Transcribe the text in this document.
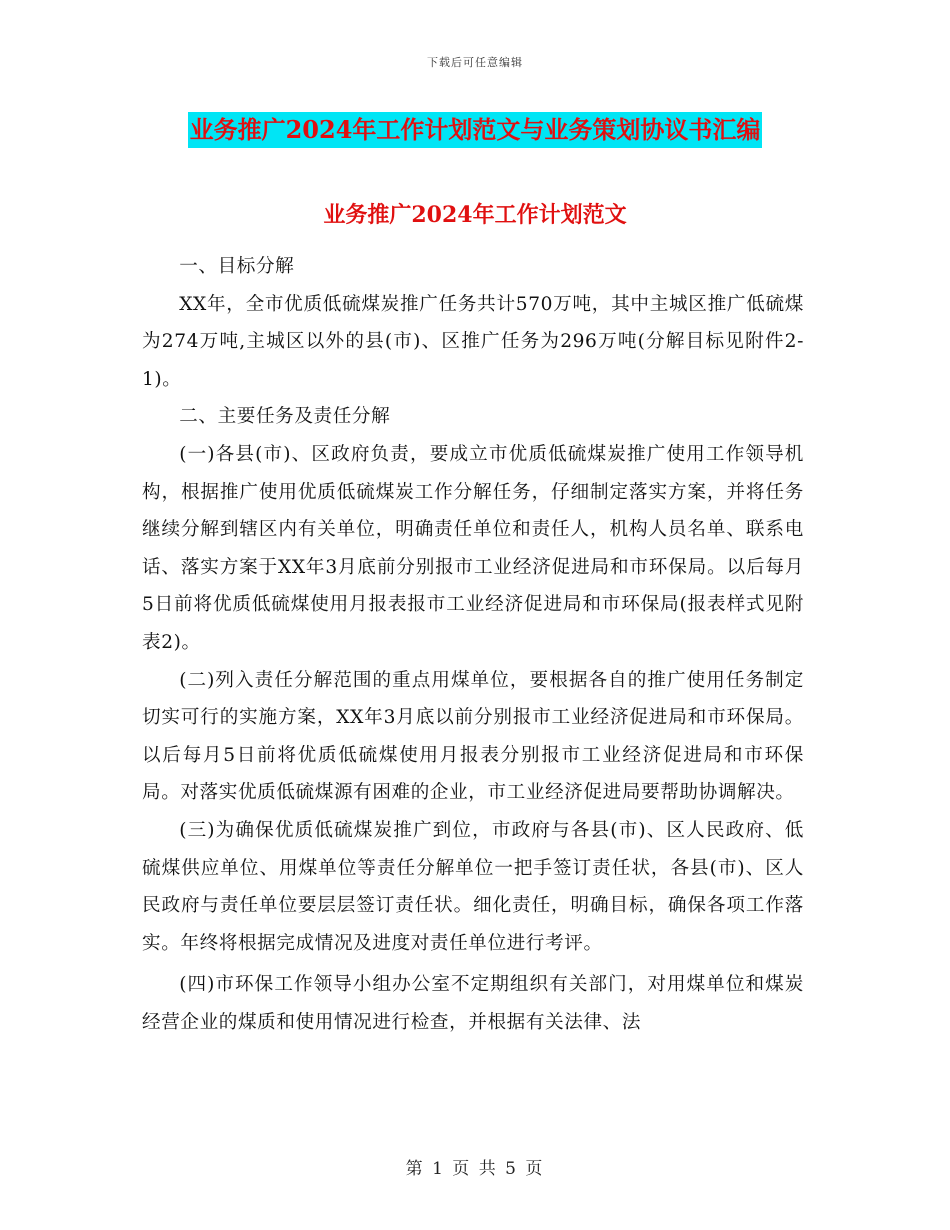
下载后可任意编辑
业务推广2024年工作计划范文与业务策划协议书汇编
业务推广2024年工作计划范文

一、目标分解

XX年，全市优质低硫煤炭推广任务共计570万吨，其中主城区推广低硫煤为274万吨,主城区以外的县(市)、区推广任务为296万吨(分解目标见附件2-1)。

二、主要任务及责任分解

(一)各县(市)、区政府负责，要成立市优质低硫煤炭推广使用工作领导机构，根据推广使用优质低硫煤炭工作分解任务，仔细制定落实方案，并将任务继续分解到辖区内有关单位，明确责任单位和责任人，机构人员名单、联系电话、落实方案于XX年3月底前分别报市工业经济促进局和市环保局。以后每月5日前将优质低硫煤使用月报表报市工业经济促进局和市环保局(报表样式见附表2)。

(二)列入责任分解范围的重点用煤单位，要根据各自的推广使用任务制定切实可行的实施方案，XX年3月底以前分别报市工业经济促进局和市环保局。以后每月5日前将优质低硫煤使用月报表分别报市工业经济促进局和市环保局。对落实优质低硫煤源有困难的企业，市工业经济促进局要帮助协调解决。

(三)为确保优质低硫煤炭推广到位，市政府与各县(市)、区人民政府、低硫煤供应单位、用煤单位等责任分解单位一把手签订责任状，各县(市)、区人民政府与责任单位要层层签订责任状。细化责任，明确目标，确保各项工作落实。年终将根据完成情况及进度对责任单位进行考评。

(四)市环保工作领导小组办公室不定期组织有关部门，对用煤单位和煤炭经营企业的煤质和使用情况进行检查，并根据有关法律、法

第 1 页 共 5 页
